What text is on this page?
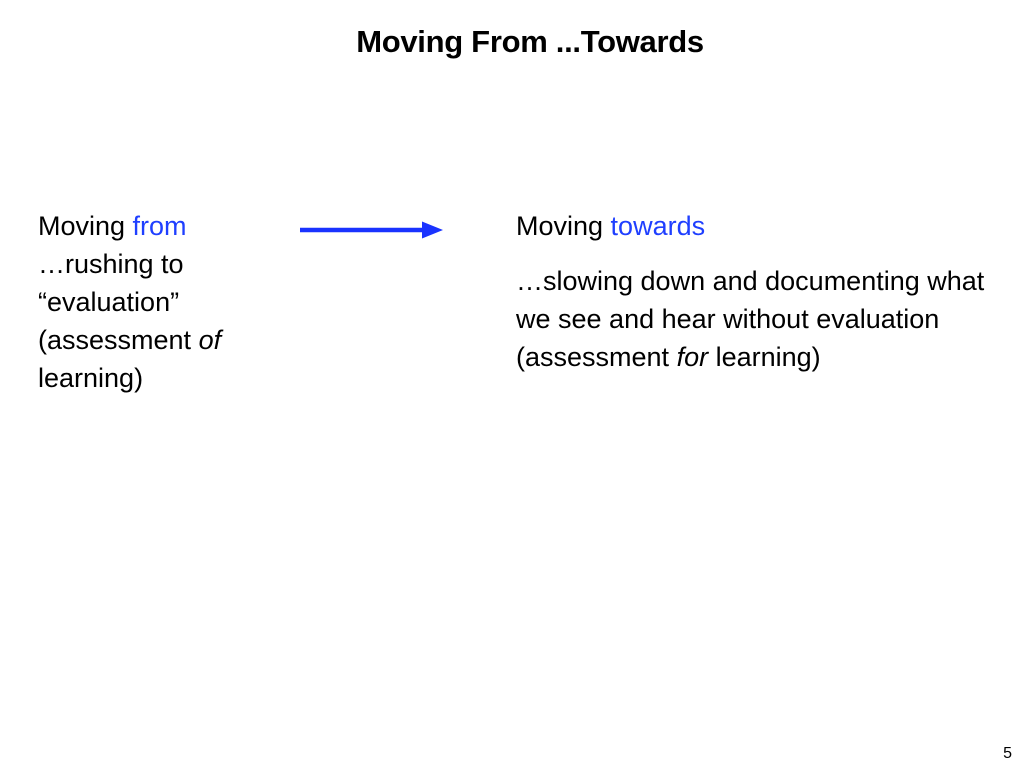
Moving From ...Towards
Moving from
…rushing to “evaluation” (assessment of learning)
Moving towards
…slowing down and documenting what we see and hear without evaluation (assessment for learning)
5
